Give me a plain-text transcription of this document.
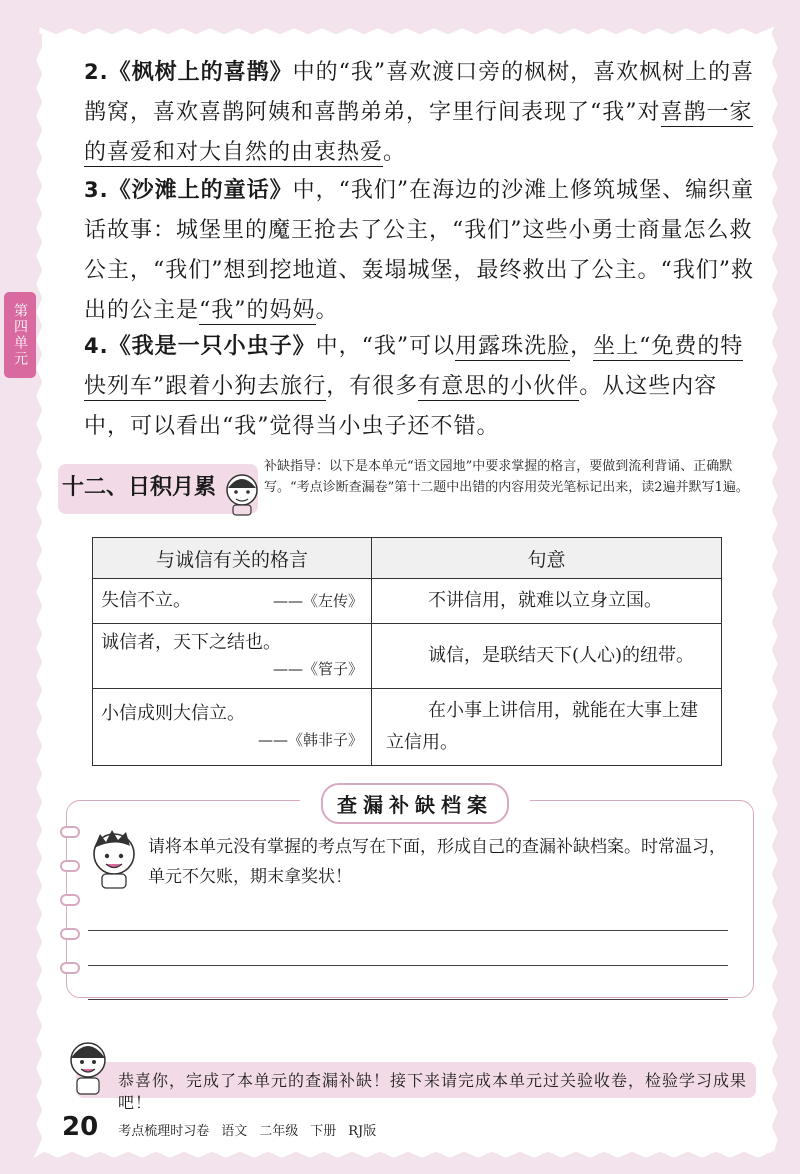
第四单元
2.《枫树上的喜鹊》中的“我”喜欢渡口旁的枫树，喜欢枫树上的喜鹊窝，喜欢喜鹊阿姨和喜鹊弟弟，字里行间表现了“我”对喜鹊一家的喜爱和对大自然的由衷热爱。
3.《沙滩上的童话》中，“我们”在海边的沙滩上修筑城堡、编织童话故事：城堡里的魔王抢去了公主，“我们”这些小勇士商量怎么救公主，“我们”想到挖地道、轰塌城堡，最终救出了公主。“我们”救出的公主是“我”的妈妈。
4.《我是一只小虫子》中，“我”可以用露珠洗脸，坐上“免费的特快列车”跟着小狗去旅行，有很多有意思的小伙伴。从这些内容中，可以看出“我”觉得当小虫子还不错。
十二、日积月累
补缺指导：以下是本单元“语文园地”中要求掌握的格言，要做到流利背诵、正确默写。“考点诊断查漏卷”第十二题中出错的内容用荧光笔标记出来，读2遍并默写1遍。
与诚信有关的格言	句意
失信不立。 ——《左传》	不讲信用，就难以立身立国。
诚信者，天下之结也。
——《管子》	诚信，是联结天下(人心)的纽带。
小信成则大信立。
——《韩非子》	在小事上讲信用，就能在大事上建立信用。
查漏补缺档案
请将本单元没有掌握的考点写在下面，形成自己的查漏补缺档案。时常温习，单元不欠账，期末拿奖状！
恭喜你，完成了本单元的查漏补缺！接下来请完成本单元过关验收卷，检验学习成果吧！
20 考点梳理时习卷 语文 二年级 下册 RJ版
